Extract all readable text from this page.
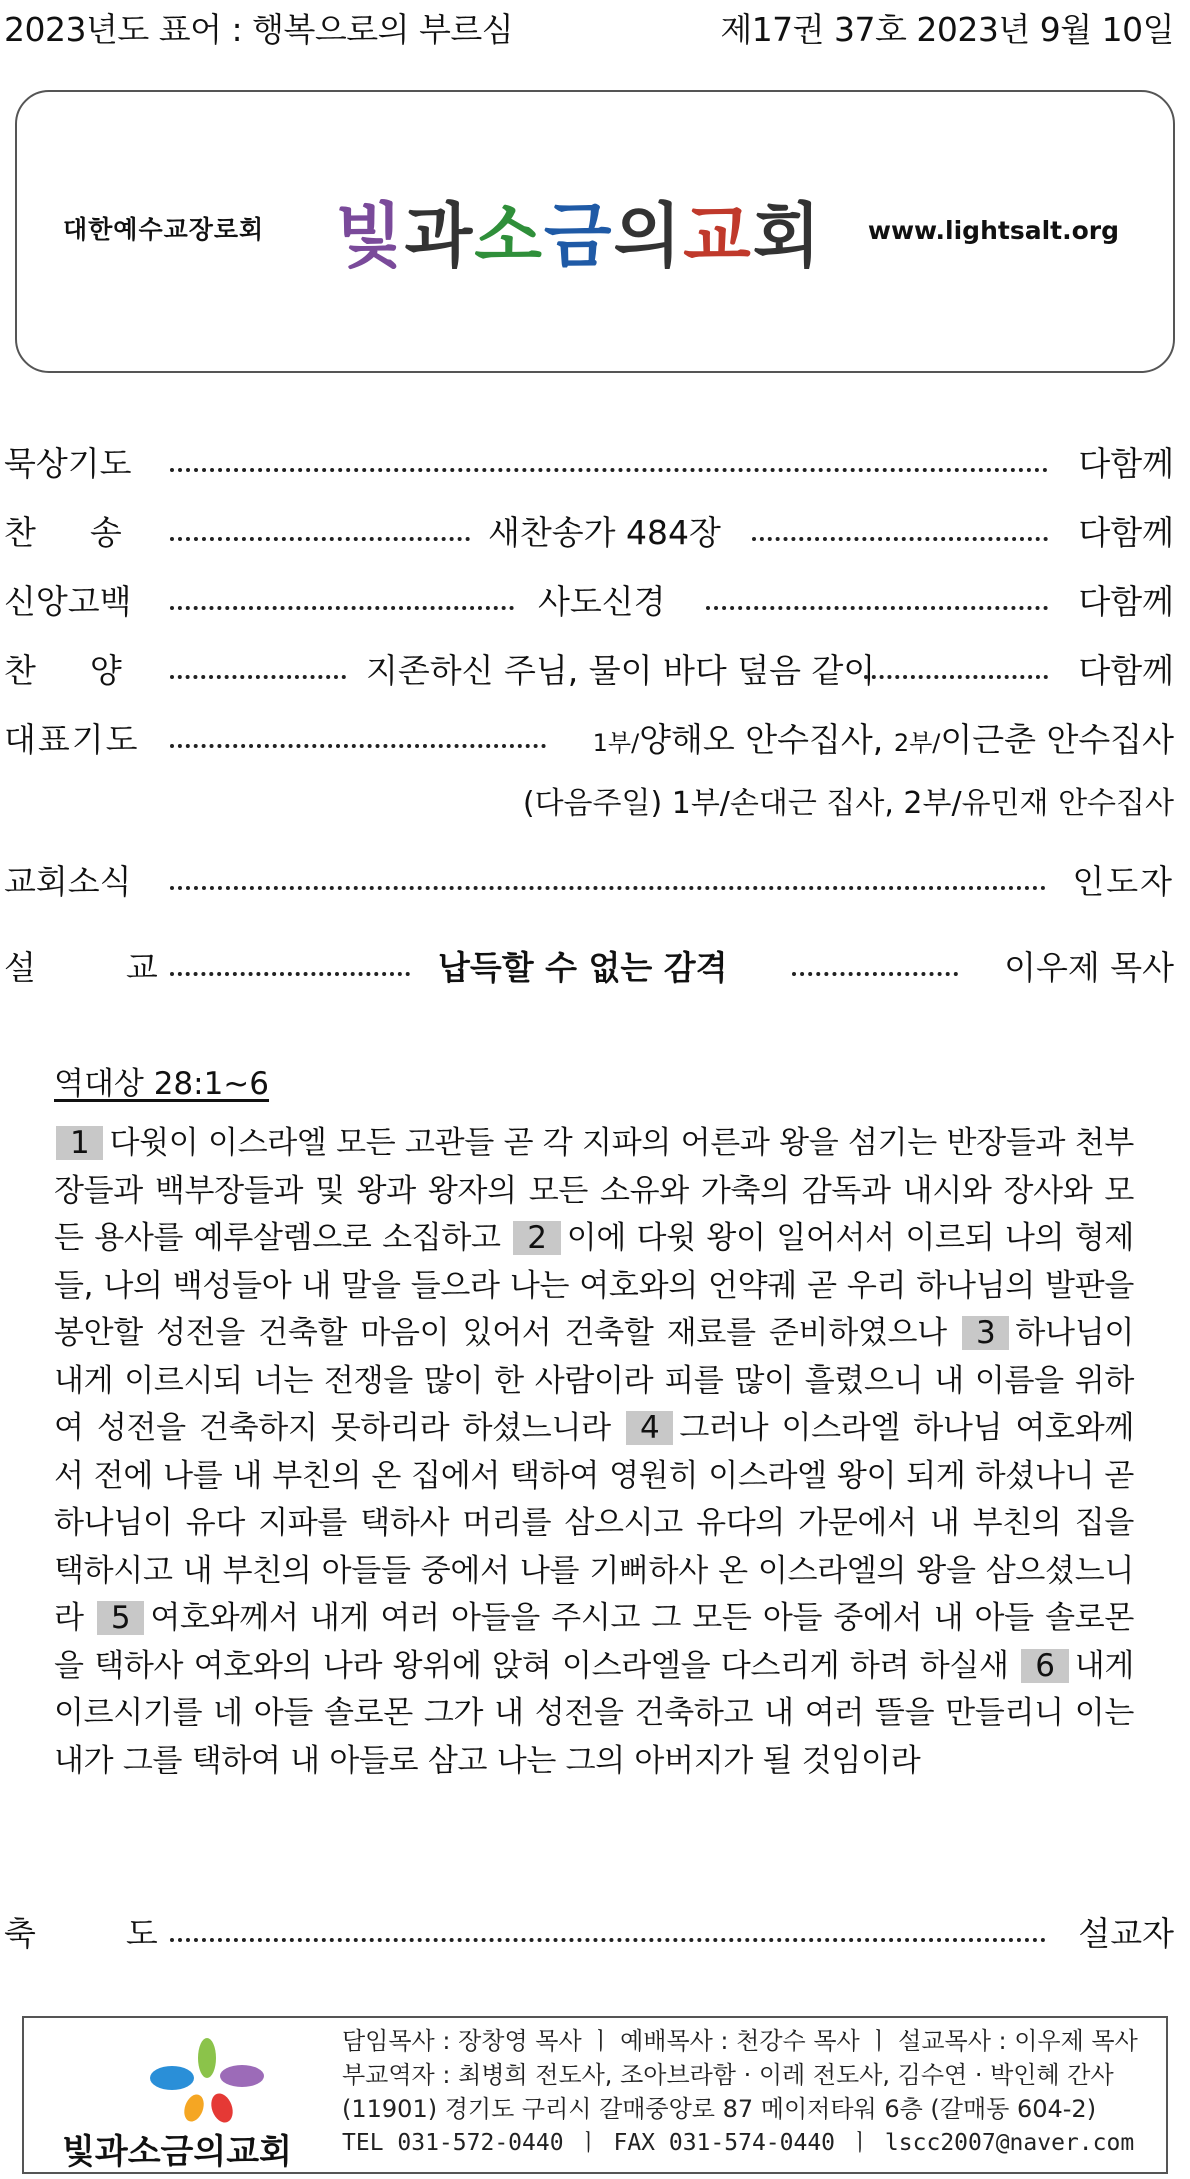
2023년도 표어 : 행복으로의 부르심	제17권 37호 2023년 9월 10일
대한예수교장로회 빛과소금의교회 www.lightsalt.org
묵상기도	다함께
찬송	새찬송가 484장	다함께
신앙고백	사도신경	다함께
찬양	지존하신 주님, 물이 바다 덮음 같이	다함께
대표기도	1부/양해오 안수집사, 2부/이근춘 안수집사
(다음주일) 1부/손대근 집사, 2부/유민재 안수집사
교회소식	인도자
설교	납득할 수 없는 감격	이우제 목사
역대상 28:1~6
1 다윗이 이스라엘 모든 고관들 곧 각 지파의 어른과 왕을 섬기는 반장들과 천부장들과 백부장들과 및 왕과 왕자의 모든 소유와 가축의 감독과 내시와 장사와 모든 용사를 예루살렘으로 소집하고 2 이에 다윗 왕이 일어서서 이르되 나의 형제들, 나의 백성들아 내 말을 들으라 나는 여호와의 언약궤 곧 우리 하나님의 발판을 봉안할 성전을 건축할 마음이 있어서 건축할 재료를 준비하였으나 3 하나님이 내게 이르시되 너는 전쟁을 많이 한 사람이라 피를 많이 흘렸으니 내 이름을 위하여 성전을 건축하지 못하리라 하셨느니라 4 그러나 이스라엘 하나님 여호와께서 전에 나를 내 부친의 온 집에서 택하여 영원히 이스라엘 왕이 되게 하셨나니 곧 하나님이 유다 지파를 택하사 머리를 삼으시고 유다의 가문에서 내 부친의 집을 택하시고 내 부친의 아들들 중에서 나를 기뻐하사 온 이스라엘의 왕을 삼으셨느니라 5 여호와께서 내게 여러 아들을 주시고 그 모든 아들 중에서 내 아들 솔로몬을 택하사 여호와의 나라 왕위에 앉혀 이스라엘을 다스리게 하려 하실새 6 내게 이르시기를 네 아들 솔로몬 그가 내 성전을 건축하고 내 여러 뜰을 만들리니 이는 내가 그를 택하여 내 아들로 삼고 나는 그의 아버지가 될 것임이라
축도	설교자
빛과소금의교회
담임목사 : 장창영 목사 ㅣ 예배목사 : 천강수 목사 ㅣ 설교목사 : 이우제 목사
부교역자 : 최병희 전도사, 조아브라함 · 이레 전도사, 김수연 · 박인혜 간사
(11901) 경기도 구리시 갈매중앙로 87 메이저타워 6층 (갈매동 604-2)
TEL 031-572-0440 ㅣ FAX 031-574-0440 ㅣ lscc2007@naver.com
